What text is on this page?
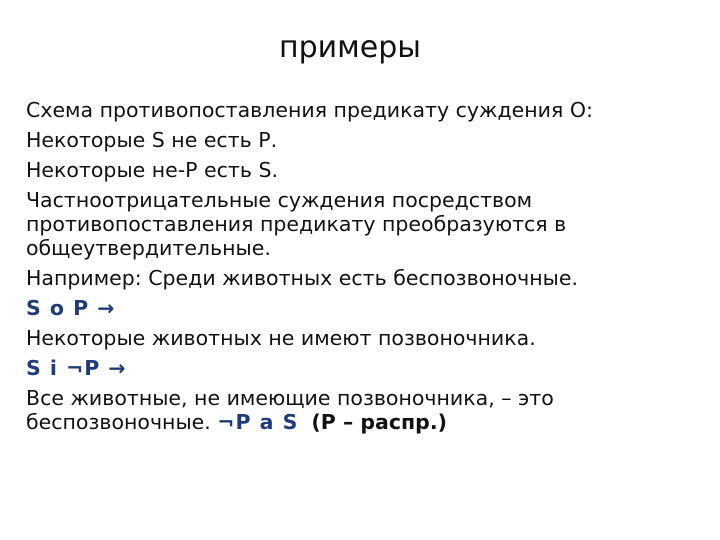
примеры
Схема противопоставления предикату суждения О:
Некоторые S не есть Р.
Некоторые не-Р есть S.
Частноотрицательные суждения посредством
противопоставления предикату преобразуются в
общеутвердительные.
Например: Среди животных есть беспозвоночные.
S o P →
Некоторые животных не имеют позвоночника.
S i ¬P →
Все животные, не имеющие позвоночника, – это
беспозвоночные. ¬P a S (Р – распр.)
